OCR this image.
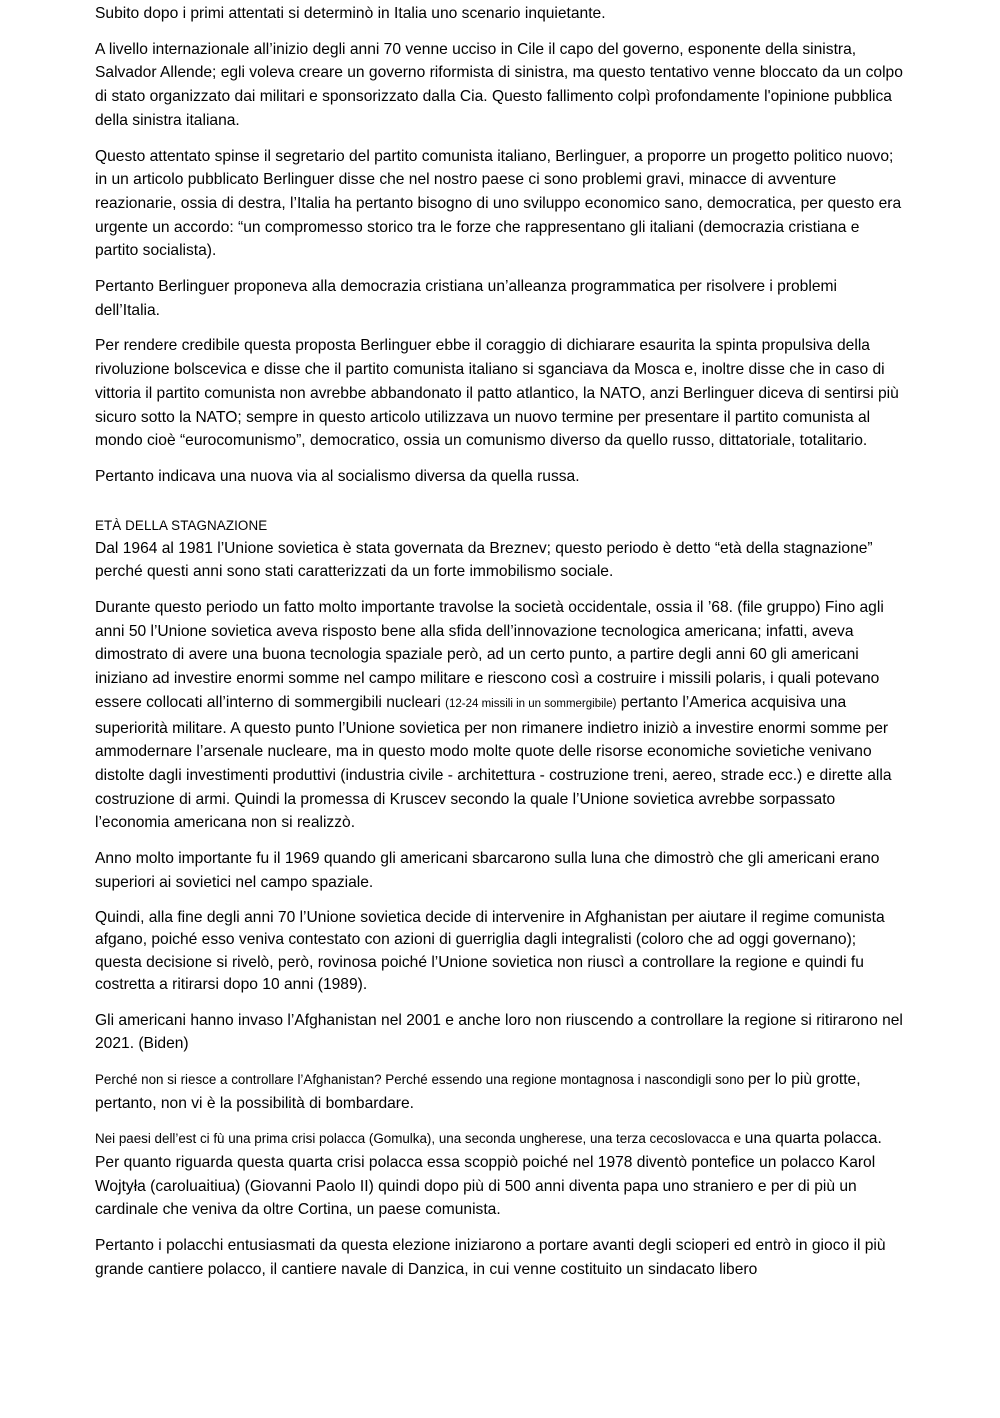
Subito dopo i primi attentati si determinò in Italia uno scenario inquietante.

A livello internazionale all’inizio degli anni 70 venne ucciso in Cile il capo del governo, esponente della sinistra, Salvador Allende; egli voleva creare un governo riformista di sinistra, ma questo tentativo venne bloccato da un colpo di stato organizzato dai militari e sponsorizzato dalla Cia. Questo fallimento colpì profondamente l'opinione pubblica della sinistra italiana.

Questo attentato spinse il segretario del partito comunista italiano, Berlinguer, a proporre un progetto politico nuovo; in un articolo pubblicato Berlinguer disse che nel nostro paese ci sono problemi gravi, minacce di avventure reazionarie, ossia di destra, l’Italia ha pertanto bisogno di uno sviluppo economico sano, democratica, per questo era urgente un accordo: “un compromesso storico tra le forze che rappresentano gli italiani (democrazia cristiana e partito socialista).

Pertanto Berlinguer proponeva alla democrazia cristiana un’alleanza programmatica per risolvere i problemi dell’Italia.

Per rendere credibile questa proposta Berlinguer ebbe il coraggio di dichiarare esaurita la spinta propulsiva della rivoluzione bolscevica e disse che il partito comunista italiano si sganciava da Mosca e, inoltre disse che in caso di vittoria il partito comunista non avrebbe abbandonato il patto atlantico, la NATO, anzi Berlinguer diceva di sentirsi più sicuro sotto la NATO; sempre in questo articolo utilizzava un nuovo termine per presentare il partito comunista al mondo cioè “eurocomunismo”, democratico, ossia un comunismo diverso da quello russo, dittatoriale, totalitario.

Pertanto indicava una nuova via al socialismo diversa da quella russa.

ETÀ DELLA STAGNAZIONE

Dal 1964 al 1981 l’Unione sovietica è stata governata da Breznev; questo periodo è detto “età della stagnazione” perché questi anni sono stati caratterizzati da un forte immobilismo sociale.

Durante questo periodo un fatto molto importante travolse la società occidentale, ossia il ’68. (file gruppo) Fino agli anni 50 l’Unione sovietica aveva risposto bene alla sfida dell’innovazione tecnologica americana; infatti, aveva dimostrato di avere una buona tecnologia spaziale però, ad un certo punto, a partire degli anni 60 gli americani iniziano ad investire enormi somme nel campo militare e riescono così a costruire i missili polaris, i quali potevano essere collocati all’interno di sommergibili nucleari (12-24 missili in un sommergibile) pertanto l’America acquisiva una superiorità militare. A questo punto l’Unione sovietica per non rimanere indietro iniziò a investire enormi somme per ammodernare l’arsenale nucleare, ma in questo modo molte quote delle risorse economiche sovietiche venivano distolte dagli investimenti produttivi (industria civile - architettura - costruzione treni, aereo, strade ecc.) e dirette alla costruzione di armi. Quindi la promessa di Kruscev secondo la quale l’Unione sovietica avrebbe sorpassato l’economia americana non si realizzò.

Anno molto importante fu il 1969 quando gli americani sbarcarono sulla luna che dimostrò che gli americani erano superiori ai sovietici nel campo spaziale.

Quindi, alla fine degli anni 70 l’Unione sovietica decide di intervenire in Afghanistan per aiutare il regime comunista afgano, poiché esso veniva contestato con azioni di guerriglia dagli integralisti (coloro che ad oggi governano); questa decisione si rivelò, però, rovinosa poiché l’Unione sovietica non riuscì a controllare la regione e quindi fu costretta a ritirarsi dopo 10 anni (1989).

Gli americani hanno invaso l’Afghanistan nel 2001 e anche loro non riuscendo a controllare la regione si ritirarono nel 2021. (Biden)

Perché non si riesce a controllare l’Afghanistan? Perché essendo una regione montagnosa i nascondigli sono per lo più grotte, pertanto, non vi è la possibilità di bombardare.

Nei paesi dell’est ci fù una prima crisi polacca (Gomulka), una seconda ungherese, una terza cecoslovacca e una quarta polacca. Per quanto riguarda questa quarta crisi polacca essa scoppiò poiché nel 1978 diventò pontefice un polacco Karol Wojtyła (caroluaitiua) (Giovanni Paolo II) quindi dopo più di 500 anni diventa papa uno straniero e per di più un cardinale che veniva da oltre Cortina, un paese comunista.

Pertanto i polacchi entusiasmati da questa elezione iniziarono a portare avanti degli scioperi ed entrò in gioco il più grande cantiere polacco, il cantiere navale di Danzica, in cui venne costituito un sindacato libero
